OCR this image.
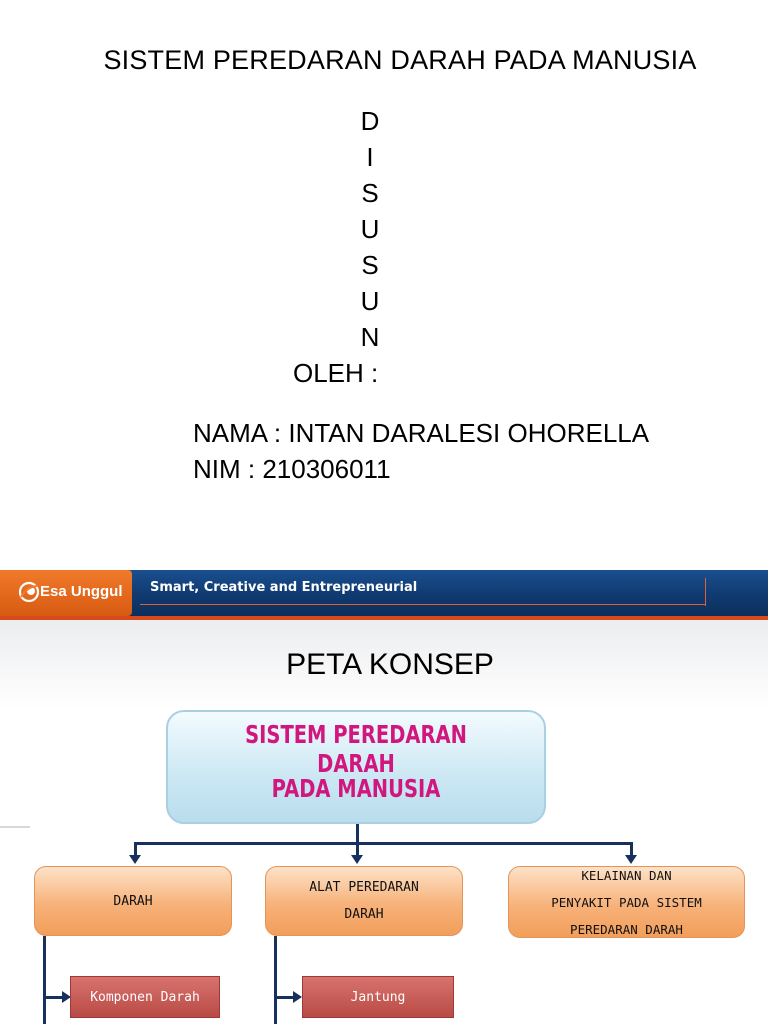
SISTEM PEREDARAN DARAH PADA MANUSIA
D
I
S
U
S
U
N
OLEH :
NAMA : INTAN DARALESI OHORELLA
NIM : 210306011
Esa Unggul Smart, Creative and Entrepreneurial
PETA KONSEP
SISTEM PEREDARAN DARAH
PADA MANUSIA
DARAH
ALAT PEREDARAN
DARAH
KELAINAN DAN
PENYAKIT PADA SISTEM
PEREDARAN DARAH
Komponen Darah	Jantung
